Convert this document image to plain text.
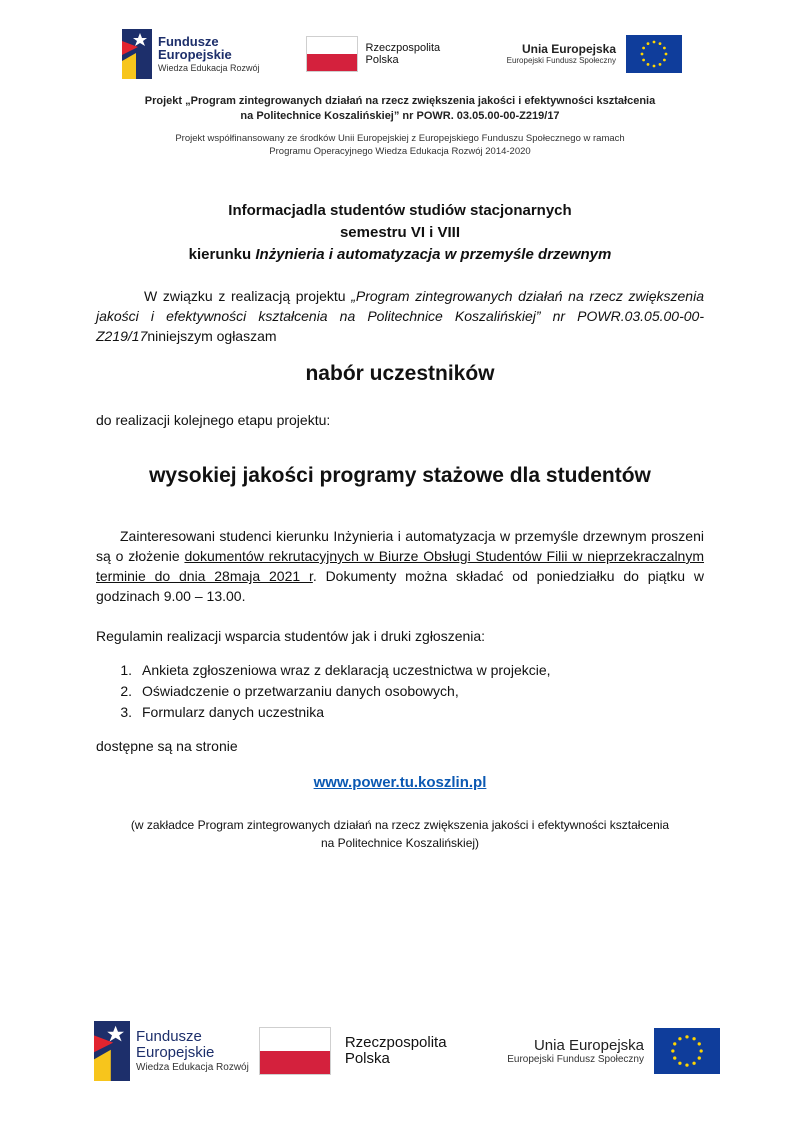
Fundusze
Europejskie
Wiedza Edukacja Rozwój
Rzeczpospolita
Polska
Unia Europejska
Europejski Fundusz Społeczny
Projekt „Program zintegrowanych działań na rzecz zwiększenia jakości i efektywności kształcenia
na Politechnice Koszalińskiej” nr POWR. 03.05.00-00-Z219/17
Projekt współfinansowany ze środków Unii Europejskiej z Europejskiego Funduszu Społecznego w ramach
Programu Operacyjnego Wiedza Edukacja Rozwój 2014-2020
Informacjadla studentów studiów stacjonarnych
semestru VI i VIII
kierunku Inżynieria i automatyzacja w przemyśle drzewnym
W związku z realizacją projektu „Program zintegrowanych działań na rzecz zwiększenia jakości i efektywności kształcenia na Politechnice Koszalińskiej” nr POWR.03.05.00-00-Z219/17niniejszym ogłaszam
nabór uczestników
do realizacji kolejnego etapu projektu:
wysokiej jakości programy stażowe dla studentów
Zainteresowani studenci kierunku Inżynieria i automatyzacja w przemyśle drzewnym proszeni są o złożenie dokumentów rekrutacyjnych w Biurze Obsługi Studentów Filii w nieprzekraczalnym terminie do dnia 28maja 2021 r. Dokumenty można składać od poniedziałku do piątku w godzinach 9.00 – 13.00.
Regulamin realizacji wsparcia studentów jak i druki zgłoszenia:
1. Ankieta zgłoszeniowa wraz z deklaracją uczestnictwa w projekcie,
2. Oświadczenie o przetwarzaniu danych osobowych,
3. Formularz danych uczestnika
dostępne są na stronie
www.power.tu.koszlin.pl
(w zakładce Program zintegrowanych działań na rzecz zwiększenia jakości i efektywności kształcenia
na Politechnice Koszalińskiej)
Fundusze
Europejskie
Wiedza Edukacja Rozwój
Rzeczpospolita
Polska
Unia Europejska
Europejski Fundusz Społeczny
